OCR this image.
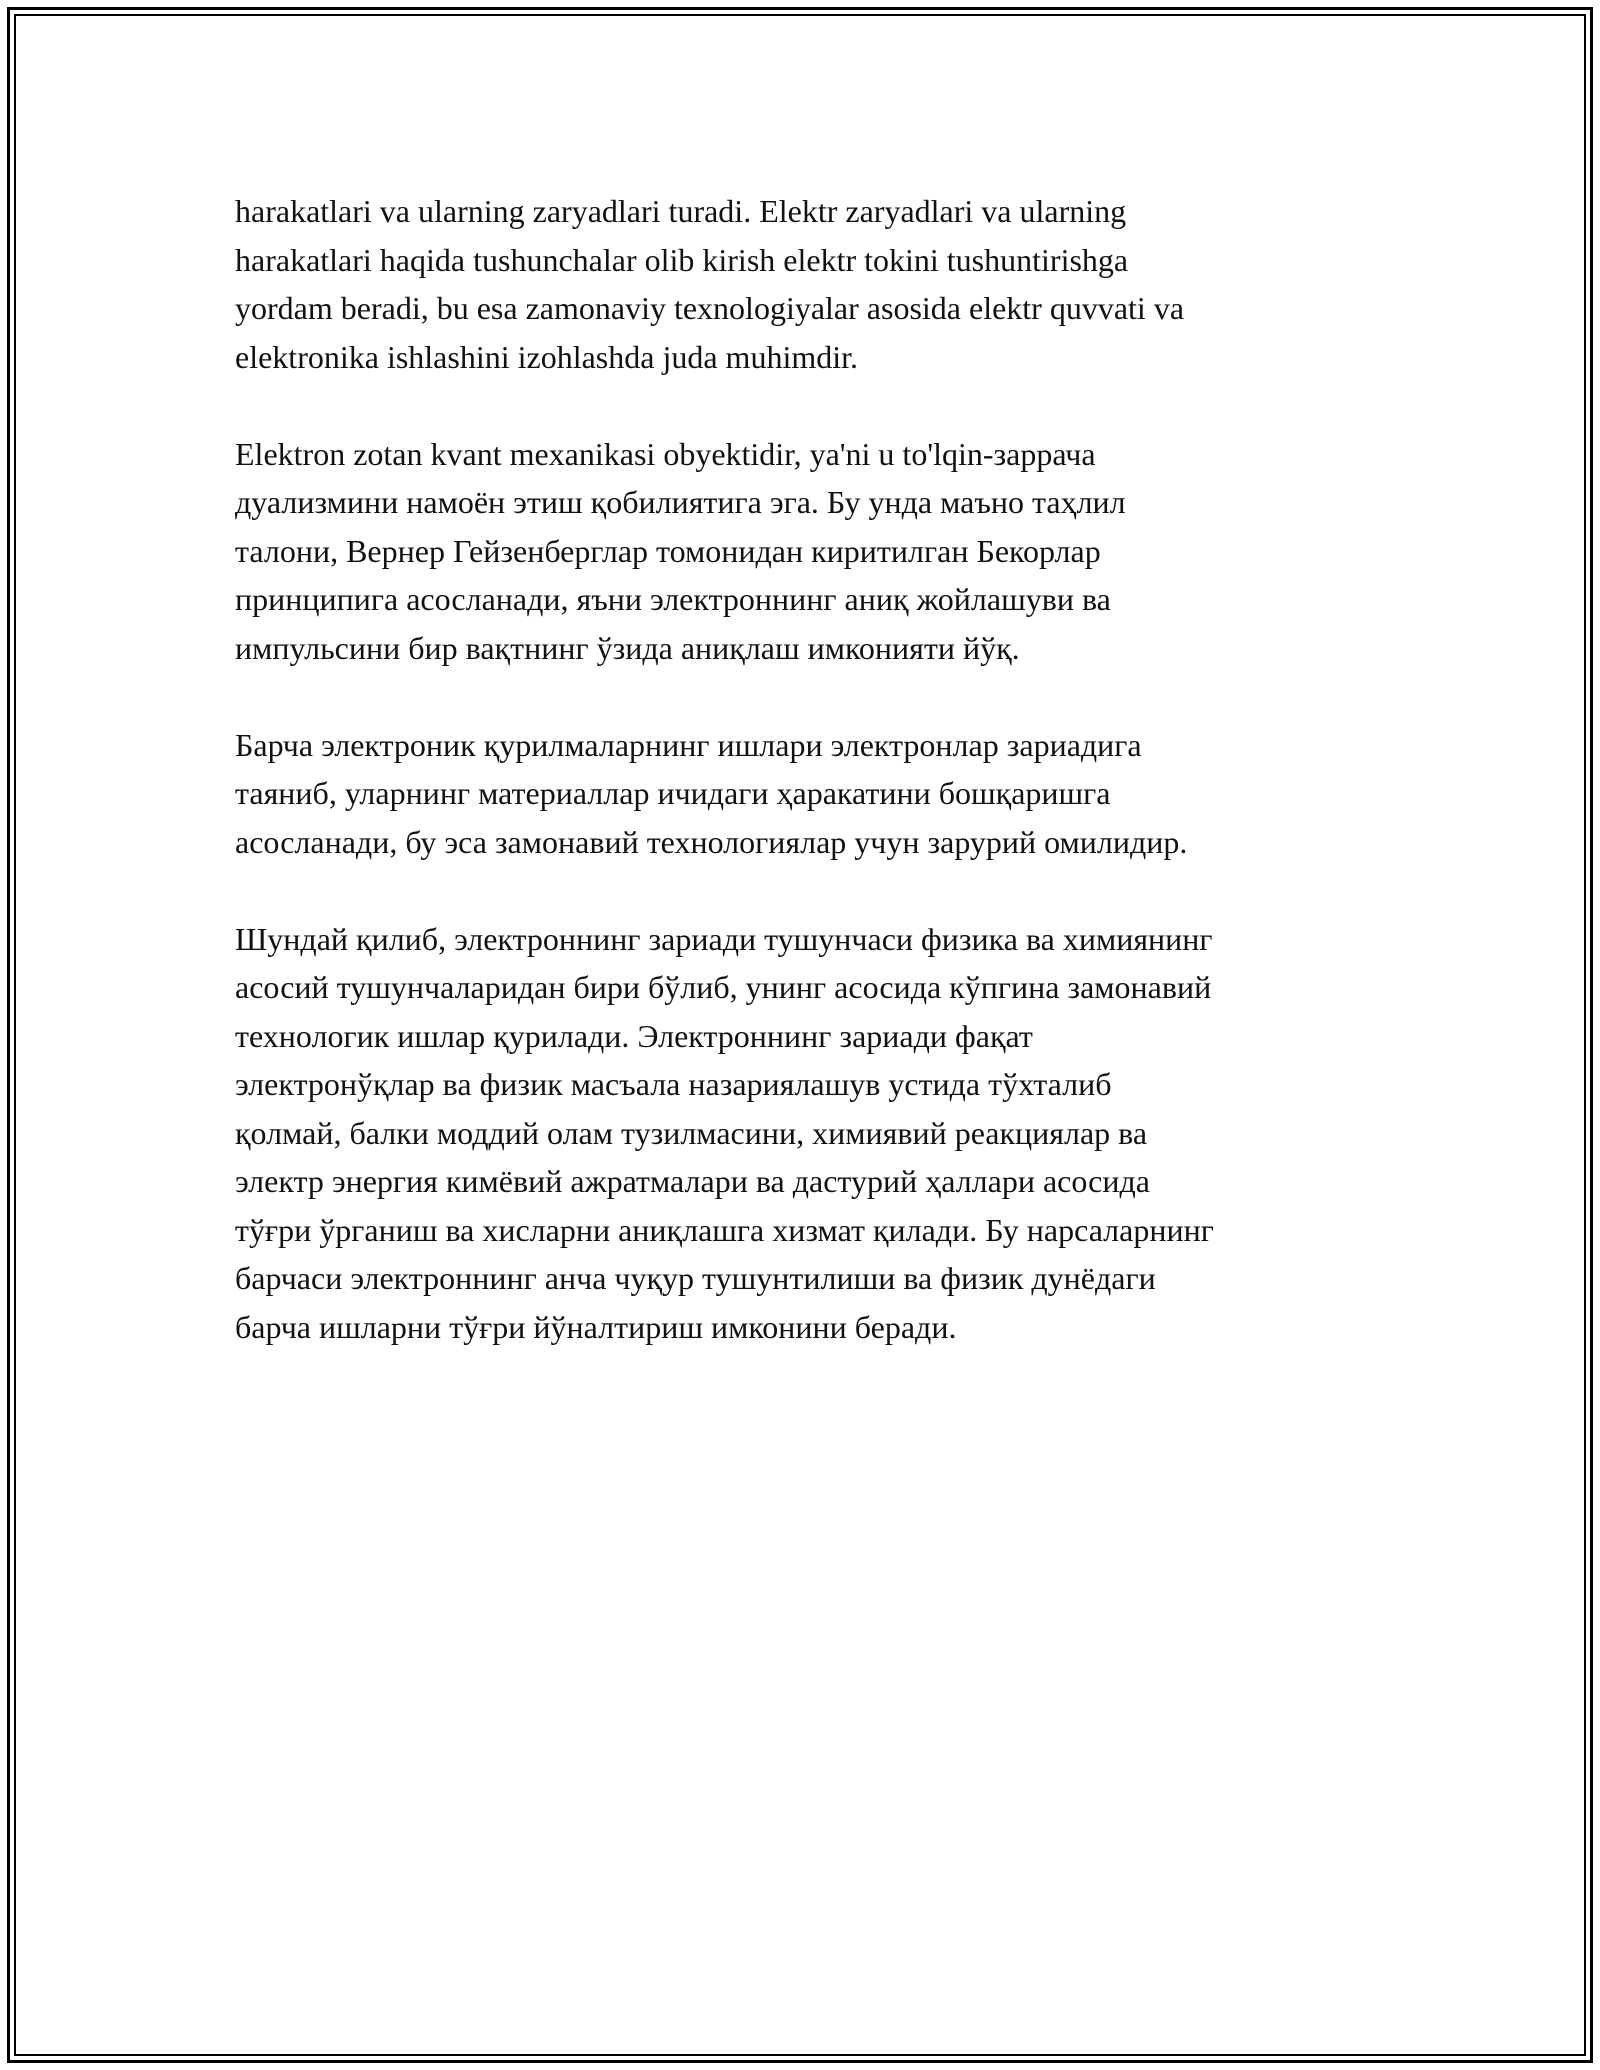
harakatlari va ularning zaryadlari turadi. Elektr zaryadlari va ularning
harakatlari haqida tushunchalar olib kirish elektr tokini tushuntirishga
yordam beradi, bu esa zamonaviy texnologiyalar asosida elektr quvvati va
elektronika ishlashini izohlashda juda muhimdir.

Elektron zotan kvant mexanikasi obyektidir, ya'ni u to'lqin-заррача
дуализмини намоён этиш қобилиятига эга. Бу унда маъно таҳлил
талони, Вернер Гейзенберглар томонидан киритилган Бекорлар
принципига асосланади, яъни электроннинг аниқ жойлашуви ва
импульсини бир вақтнинг ўзида аниқлаш имконияти йўқ.

Барча электроник қурилмаларнинг ишлари электронлар зариадига
таяниб, уларнинг материаллар ичидаги ҳаракатини бошқаришга
асосланади, бу эса замонавий технологиялар учун зарурий омилидир.

Шундай қилиб, электроннинг зариади тушунчаси физика ва химиянинг
асосий тушунчаларидан бири бўлиб, унинг асосида кўпгина замонавий
технологик ишлар қурилади. Электроннинг зариади фақат
электронўқлар ва физик масъала назариялашув устида тўхталиб
қолмай, балки моддий олам тузилмасини, химиявий реакциялар ва
электр энергия кимёвий ажратмалари ва дастурий ҳаллари асосида
тўғри ўрганиш ва хисларни аниқлашга хизмат қилади. Бу нарсаларнинг
барчаси электроннинг анча чуқур тушунтилиши ва физик дунёдаги
барча ишларни тўғри йўналтириш имконини беради.
